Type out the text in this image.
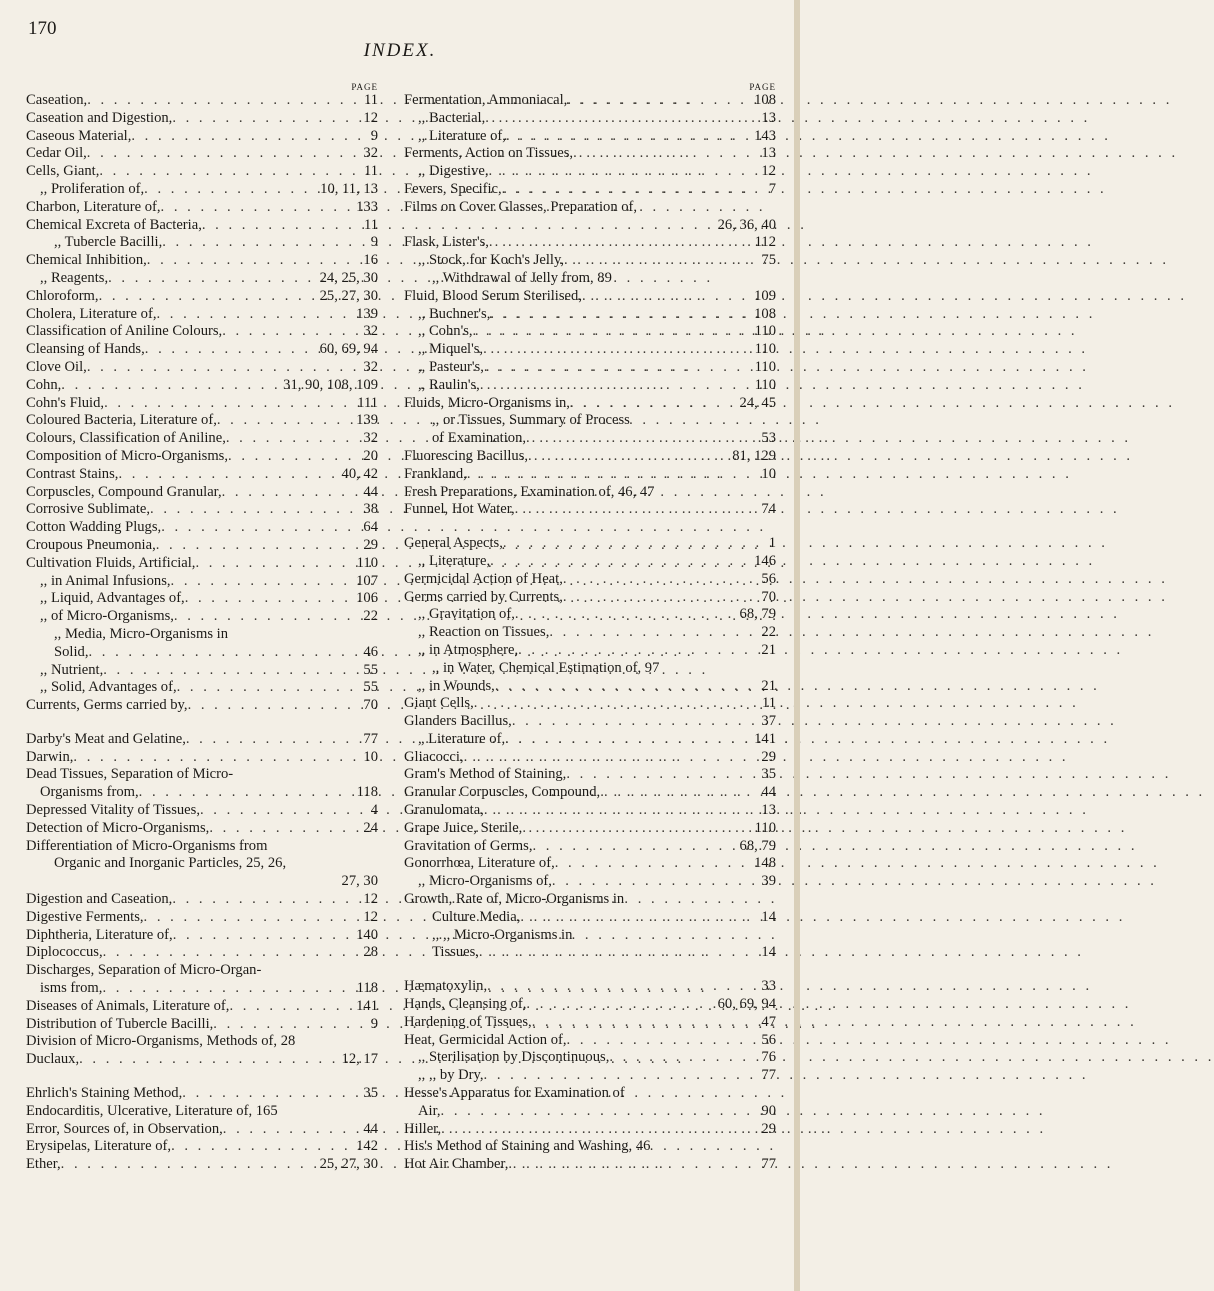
170
INDEX.
PAGE
Caseation, . . .	11
Caseation and Digestion, . . .	12
Caseous Material, . . .	9
Cedar Oil, . . .	32
Cells, Giant, . . .	11
,, Proliferation of, . . .	10, 11, 13
Charbon, Literature of, . . .	133
Chemical Excreta of Bacteria, . . .	11
,, Tubercle Bacilli, . . .	9
Chemical Inhibition, . . .	16
,, Reagents, . . .	24, 25, 30
Chloroform, . . .	25, 27, 30
Cholera, Literature of, . . .	139
Classification of Aniline Colours, . . .	32
Cleansing of Hands, . . .	60, 69, 94
Clove Oil, . . .	32
Cohn, . . .	31, 90, 108, 109
Cohn's Fluid, . . .	111
Coloured Bacteria, Literature of, . . .	139
Colours, Classification of Aniline, . . .	32
Composition of Micro-Organisms, . . .	20
Contrast Stains, . . .	40, 42
Corpuscles, Compound Granular, . . .	44
Corrosive Sublimate, . . .	38
Cotton Wadding Plugs, . . .	64
Croupous Pneumonia, . . .	29
Cultivation Fluids, Artificial, . . .	110
,, in Animal Infusions, . . .	107
,, Liquid, Advantages of, . . .	106
,, of Micro-Organisms, . . .	22
,, Media, Micro-Organisms in
Solid, . . .	46
,, Nutrient, . . .	55
,, Solid, Advantages of, . . .	55
Currents, Germs carried by, . . .	70
Darby's Meat and Gelatine, . . .	77
Darwin, . . .	10
Dead Tissues, Separation of Micro-
Organisms from, . . .	118
Depressed Vitality of Tissues, . . .	4
Detection of Micro-Organisms, . . .	24
Differentiation of Micro-Organisms from
Organic and Inorganic Particles, 25, 26,
27, 30
Digestion and Caseation, . . .	12
Digestive Ferments, . . .	12
Diphtheria, Literature of, . . .	140
Diplococcus, . . .	28
Discharges, Separation of Micro-Organ-
isms from, . . .	118
Diseases of Animals, Literature of, . . .	141
Distribution of Tubercle Bacilli, . . .	9
Division of Micro-Organisms, Methods of, 28
Duclaux, . . .	12, 17
Ehrlich's Staining Method, . . .	35
Endocarditis, Ulcerative, Literature of, 165
Error, Sources of, in Observation, . . .	44
Erysipelas, Literature of, . . .	142
Ether, . . .	25, 27, 30
PAGE
Fermentation, Ammoniacal, . . .	108
,, Bacterial, . . .	13
,, Literature of, . . .	143
Ferments, Action on Tissues, . . .	13
,, Digestive, . . .	12
Fevers, Specific, . . .	7
Films on Cover Glasses, Preparation of,
26, 36, 40
Flask, Lister's, . . .	112
,, Stock, for Koch's Jelly, . . .	75
,, Withdrawal of Jelly from, 89
Fluid, Blood Serum Sterilised, . . .	109
,, Buchner's, . . .	108
,, Cohn's, . . .	110
,, Miquel's, . . .	110
,, Pasteur's, . . .	110
,, Raulin's, . . .	110
Fluids, Micro-Organisms in, . . .	24, 45
,, or Tissues, Summary of Process
of Examination, . . .	53
Fluorescing Bacillus, . . .	81, 129
Frankland, . . .	10
Fresh Preparations, Examination of, 46, 47
Funnel, Hot Water, . . .	74
General Aspects, . . .	1
,, Literature, . . .	146
Germicidal Action of Heat, . . .	56
Germs carried by Currents, . . .	70
,, Gravitation of, . . .	68, 79
,, Reaction on Tissues, . . .	22
,, in Atmosphere, . . .	21
,, in Water, Chemical Estimation of, 97
,, in Wounds, . . .	21
Giant Cells, . . .	11
Glanders Bacillus, . . .	37
„ Literature of, . . .	141
Gliacocci, . . .	29
Gram's Method of Staining, . . .	35
Granular Corpuscles, Compound, . . .	44
Granulomata, . . .	13
Grape Juice, Sterile, . . .	110
Gravitation of Germs, . . .	68, 79
Gonorrhœa, Literature of, . . .	148
,, Micro-Organisms of, . . .	39
Growth, Rate of, Micro-Organisms in
Culture Media, . . .	14
,, ,, Micro-Organisms in
Tissues, . . .	14
Hæmatoxylin, . . .	33
Hands, Cleansing of, . . .	60, 69, 94
Hardening of Tissues, . . .	47
Heat, Germicidal Action of, . . .	56
,, Sterilisation by Discontinuous, . . .	76
,, ,, by Dry, . . .	77
Hesse's Apparatus for Examination of
Air, . . .	90
Hiller, . . .	29
His's Method of Staining and Washing, 46
Hot Air Chamber, . . .	77
